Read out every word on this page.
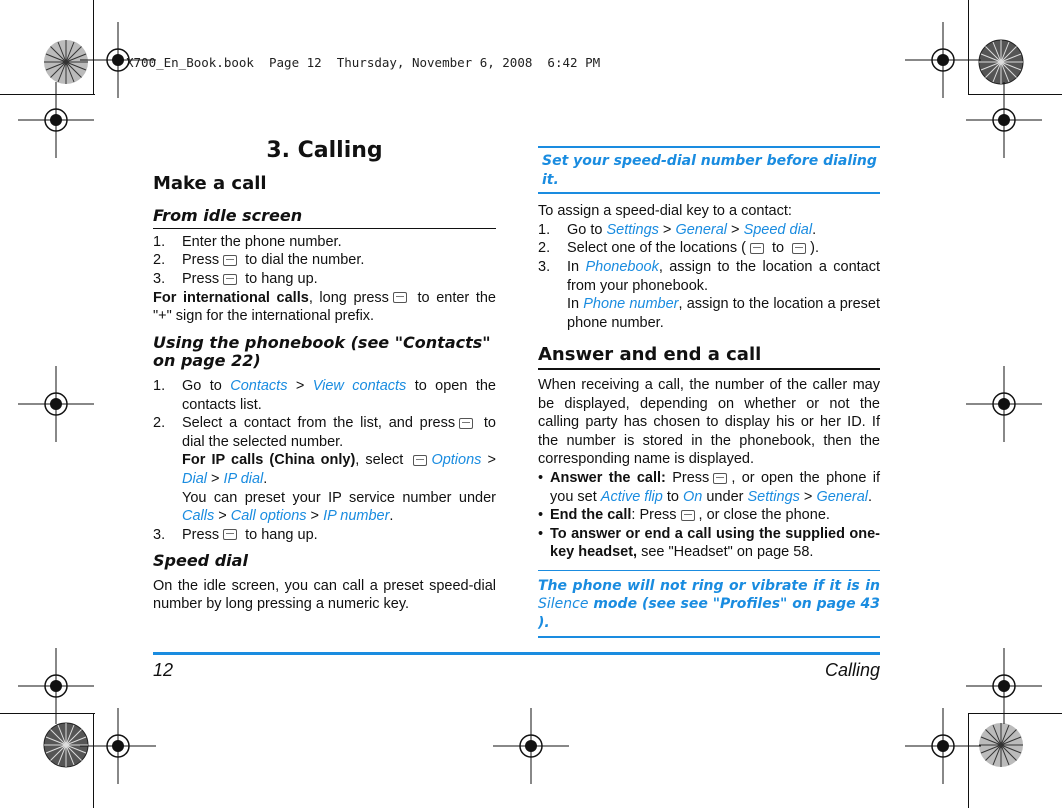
X700_En_Book.book  Page 12  Thursday, November 6, 2008  6:42 PM
3. Calling
Make a call
From idle screen
1. Enter the phone number.
2. Press to dial the number.
3. Press to hang up.

For international calls, long press to enter the "+" sign for the international prefix.

Using the phonebook (see "Contacts" on page 22)
1. Go to Contacts > View contacts to open the contacts list.
2. Select a contact from the list, and press to dial the selected number.
For IP calls (China only), select Options > Dial > IP dial.
You can preset your IP service number under Calls > Call options > IP number.
3. Press to hang up.
Speed dial

On the idle screen, you can call a preset speed-dial number by long pressing a numeric key.

Set your speed-dial number before dialing it.

To assign a speed-dial key to a contact:

1. Go to Settings > General > Speed dial.
2. Select one of the locations ( to ).
3. In Phonebook, assign to the location a contact from your phonebook.
In Phone number, assign to the location a preset phone number.
Answer and end a call

When receiving a call, the number of the caller may be displayed, depending on whether or not the calling party has chosen to display his or her ID. If the number is stored in the phonebook, then the corresponding name is displayed.

• Answer the call: Press , or open the phone if you set Active flip to On under Settings > General.
• End the call: Press , or close the phone.
• To answer or end a call using the supplied one-key headset, see "Headset" on page 58.
The phone will not ring or vibrate if it is in Silence mode (see see "Profiles" on page 43 ).
12	Calling
